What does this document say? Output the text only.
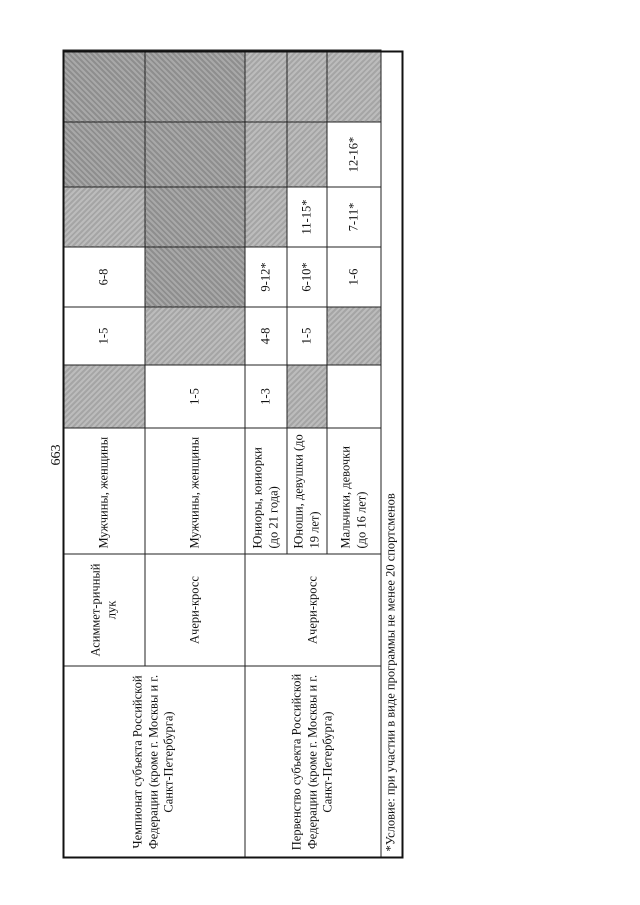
663
Чемпионат субъекта Российской Федерации (кроме г. Москвы и г. Санкт-Петербурга)	Асиммет-ричный лук	Мужчины, женщины		1-5	6-8			
	Ачери-кросс	Мужчины, женщины	1-5					
Первенство субъекта Российской Федерации (кроме г. Москвы и г. Санкт-Петербурга)	Ачери-кросс	Юниоры, юниорки (до 21 года)	1-3	4-8	9-12*			
		Юноши, девушки (до 19 лет)		1-5	6-10*	11-15*		
		Мальчики, девочки (до 16 лет)			1-6	7-11*	12-16*	
*Условие: при участии в виде программы не менее 20 спортсменов
